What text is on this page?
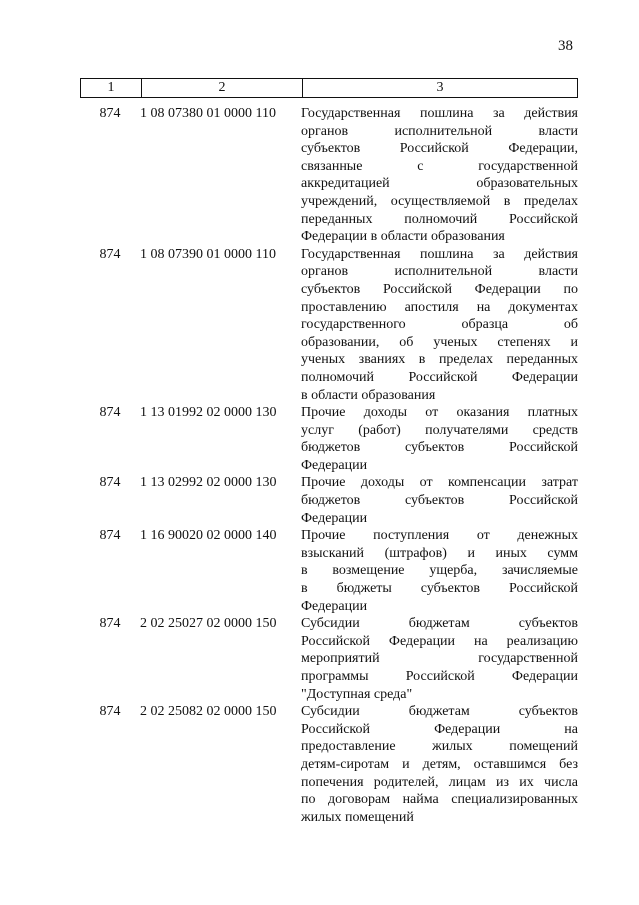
38
1	2	3
874	1 08 07380 01 0000 110	Государственная пошлина за действия
органов исполнительной власти
субъектов Российской Федерации,
связанные с государственной
аккредитацией образовательных
учреждений, осуществляемой в пределах
переданных полномочий Российской
Федерации в области образования
874	1 08 07390 01 0000 110	Государственная пошлина за действия
органов исполнительной власти
субъектов Российской Федерации по
проставлению апостиля на документах
государственного образца об
образовании, об ученых степенях и
ученых званиях в пределах переданных
полномочий Российской Федерации
в области образования
874	1 13 01992 02 0000 130	Прочие доходы от оказания платных
услуг (работ) получателями средств
бюджетов субъектов Российской
Федерации
874	1 13 02992 02 0000 130	Прочие доходы от компенсации затрат
бюджетов субъектов Российской
Федерации
874	1 16 90020 02 0000 140	Прочие поступления от денежных
взысканий (штрафов) и иных сумм
в возмещение ущерба, зачисляемые
в бюджеты субъектов Российской
Федерации
874	2 02 25027 02 0000 150	Субсидии бюджетам субъектов
Российской Федерации на реализацию
мероприятий государственной
программы Российской Федерации
"Доступная среда"
874	2 02 25082 02 0000 150	Субсидии бюджетам субъектов
Российской Федерации на
предоставление жилых помещений
детям-сиротам и детям, оставшимся без
попечения родителей, лицам из их числа
по договорам найма специализированных
жилых помещений
